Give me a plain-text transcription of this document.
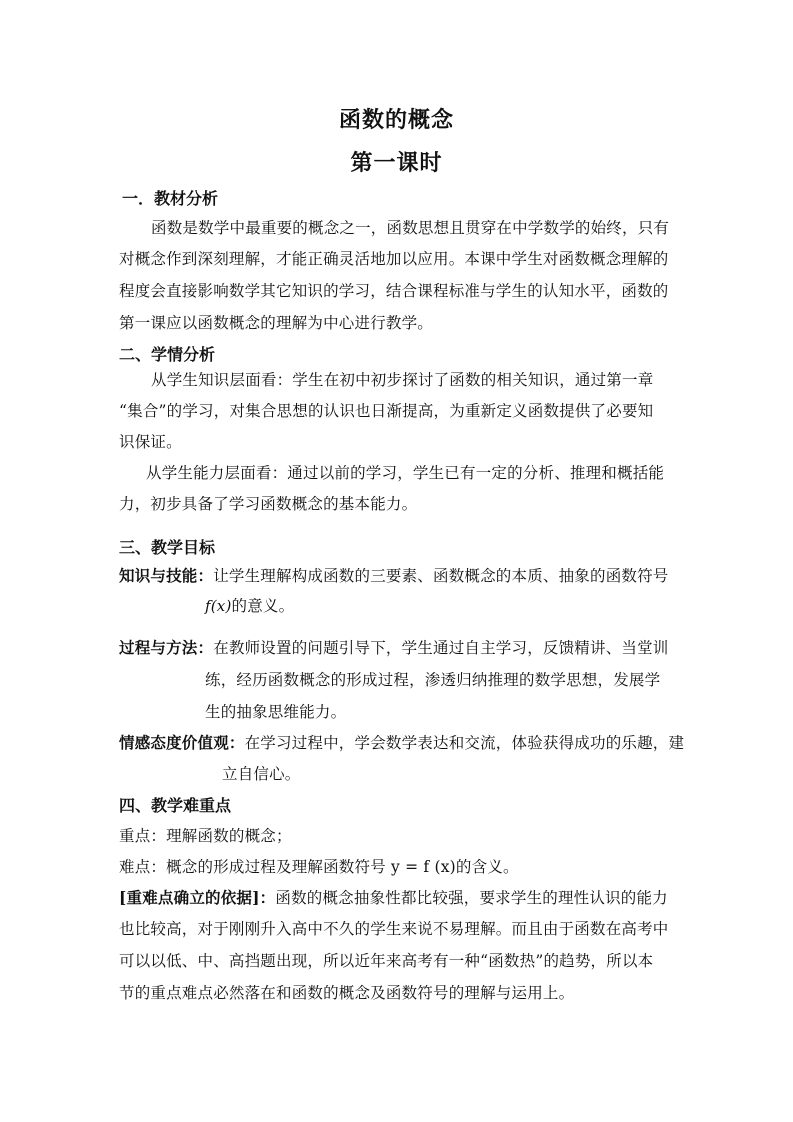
函数的概念
第一课时
一．教材分析
函数是数学中最重要的概念之一，函数思想且贯穿在中学数学的始终，只有
对概念作到深刻理解，才能正确灵活地加以应用。本课中学生对函数概念理解的
程度会直接影响数学其它知识的学习，结合课程标准与学生的认知水平，函数的
第一课应以函数概念的理解为中心进行教学。
二、学情分析
从学生知识层面看：学生在初中初步探讨了函数的相关知识，通过第一章
“集合”的学习，对集合思想的认识也日渐提高，为重新定义函数提供了必要知
识保证。
从学生能力层面看：通过以前的学习，学生已有一定的分析、推理和概括能
力，初步具备了学习函数概念的基本能力。
三、教学目标
知识与技能：让学生理解构成函数的三要素、函数概念的本质、抽象的函数符号
f(x)的意义。
过程与方法：在教师设置的问题引导下，学生通过自主学习，反馈精讲、当堂训
练，经历函数概念的形成过程，渗透归纳推理的数学思想，发展学
生的抽象思维能力。
情感态度价值观：在学习过程中，学会数学表达和交流，体验获得成功的乐趣，建
立自信心。
四、教学难重点
重点：理解函数的概念；
难点：概念的形成过程及理解函数符号 y = f (x)的含义。
[重难点确立的依据]：函数的概念抽象性都比较强，要求学生的理性认识的能力
也比较高，对于刚刚升入高中不久的学生来说不易理解。而且由于函数在高考中
可以以低、中、高挡题出现，所以近年来高考有一种“函数热”的趋势，所以本
节的重点难点必然落在和函数的概念及函数符号的理解与运用上。
